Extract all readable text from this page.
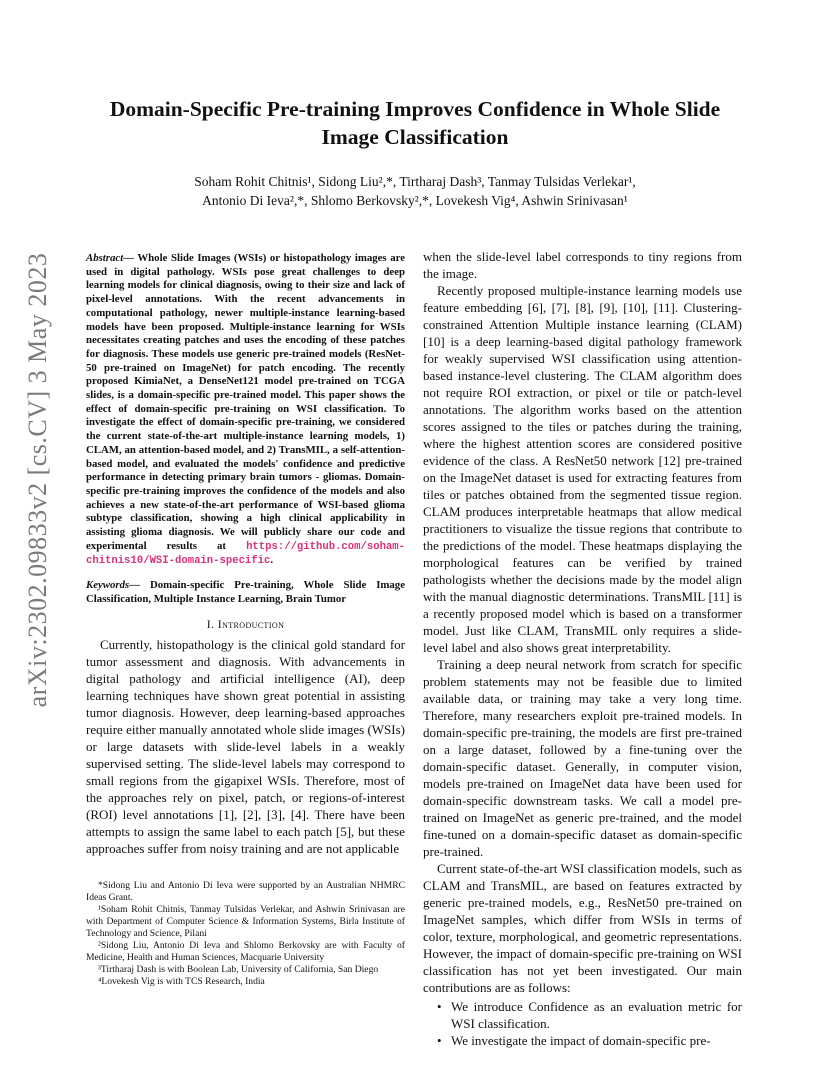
arXiv:2302.09833v2 [cs.CV] 3 May 2023
Domain-Specific Pre-training Improves Confidence in Whole Slide Image Classification
Soham Rohit Chitnis¹, Sidong Liu²,*, Tirtharaj Dash³, Tanmay Tulsidas Verlekar¹,
Antonio Di Ieva²,*, Shlomo Berkovsky²,*, Lovekesh Vig⁴, Ashwin Srinivasan¹

Abstract— Whole Slide Images (WSIs) or histopathology images are used in digital pathology. WSIs pose great challenges to deep learning models for clinical diagnosis, owing to their size and lack of pixel-level annotations. With the recent advancements in computational pathology, newer multiple-instance learning-based models have been proposed. Multiple-instance learning for WSIs necessitates creating patches and uses the encoding of these patches for diagnosis. These models use generic pre-trained models (ResNet-50 pre-trained on ImageNet) for patch encoding. The recently proposed KimiaNet, a DenseNet121 model pre-trained on TCGA slides, is a domain-specific pre-trained model. This paper shows the effect of domain-specific pre-training on WSI classification. To investigate the effect of domain-specific pre-training, we considered the current state-of-the-art multiple-instance learning models, 1) CLAM, an attention-based model, and 2) TransMIL, a self-attention-based model, and evaluated the models' confidence and predictive performance in detecting primary brain tumors - gliomas. Domain-specific pre-training improves the confidence of the models and also achieves a new state-of-the-art performance of WSI-based glioma subtype classification, showing a high clinical applicability in assisting glioma diagnosis. We will publicly share our code and experimental results at https://github.com/soham-chitnis10/WSI-domain-specific.

Keywords— Domain-specific Pre-training, Whole Slide Image Classification, Multiple Instance Learning, Brain Tumor

I. Introduction

Currently, histopathology is the clinical gold standard for tumor assessment and diagnosis. With advancements in digital pathology and artificial intelligence (AI), deep learning techniques have shown great potential in assisting tumor diagnosis. However, deep learning-based approaches require either manually annotated whole slide images (WSIs) or large datasets with slide-level labels in a weakly supervised setting. The slide-level labels may correspond to small regions from the gigapixel WSIs. Therefore, most of the approaches rely on pixel, patch, or regions-of-interest (ROI) level annotations [1], [2], [3], [4]. There have been attempts to assign the same label to each patch [5], but these approaches suffer from noisy training and are not applicable

*Sidong Liu and Antonio Di Ieva were supported by an Australian NHMRC Ideas Grant.

¹Soham Rohit Chitnis, Tanmay Tulsidas Verlekar, and Ashwin Srinivasan are with Department of Computer Science & Information Systems, Birla Institute of Technology and Science, Pilani

²Sidong Liu, Antonio Di Ieva and Shlomo Berkovsky are with Faculty of Medicine, Health and Human Sciences, Macquarie University

³Tirtharaj Dash is with Boolean Lab, University of California, San Diego

⁴Lovekesh Vig is with TCS Research, India

when the slide-level label corresponds to tiny regions from the image.

Recently proposed multiple-instance learning models use feature embedding [6], [7], [8], [9], [10], [11]. Clustering-constrained Attention Multiple instance learning (CLAM) [10] is a deep learning-based digital pathology framework for weakly supervised WSI classification using attention-based instance-level clustering. The CLAM algorithm does not require ROI extraction, or pixel or tile or patch-level annotations. The algorithm works based on the attention scores assigned to the tiles or patches during the training, where the highest attention scores are considered positive evidence of the class. A ResNet50 network [12] pre-trained on the ImageNet dataset is used for extracting features from tiles or patches obtained from the segmented tissue region. CLAM produces interpretable heatmaps that allow medical practitioners to visualize the tissue regions that contribute to the predictions of the model. These heatmaps displaying the morphological features can be verified by trained pathologists whether the decisions made by the model align with the manual diagnostic determinations. TransMIL [11] is a recently proposed model which is based on a transformer model. Just like CLAM, TransMIL only requires a slide-level label and also shows great interpretability.

Training a deep neural network from scratch for specific problem statements may not be feasible due to limited available data, or training may take a very long time. Therefore, many researchers exploit pre-trained models. In domain-specific pre-training, the models are first pre-trained on a large dataset, followed by a fine-tuning over the domain-specific dataset. Generally, in computer vision, models pre-trained on ImageNet data have been used for domain-specific downstream tasks. We call a model pre-trained on ImageNet as generic pre-trained, and the model fine-tuned on a domain-specific dataset as domain-specific pre-trained.

Current state-of-the-art WSI classification models, such as CLAM and TransMIL, are based on features extracted by generic pre-trained models, e.g., ResNet50 pre-trained on ImageNet samples, which differ from WSIs in terms of color, texture, morphological, and geometric representations. However, the impact of domain-specific pre-training on WSI classification has not yet been investigated. Our main contributions are as follows:

• We introduce Confidence as an evaluation metric for WSI classification.
• We investigate the impact of domain-specific pre-
